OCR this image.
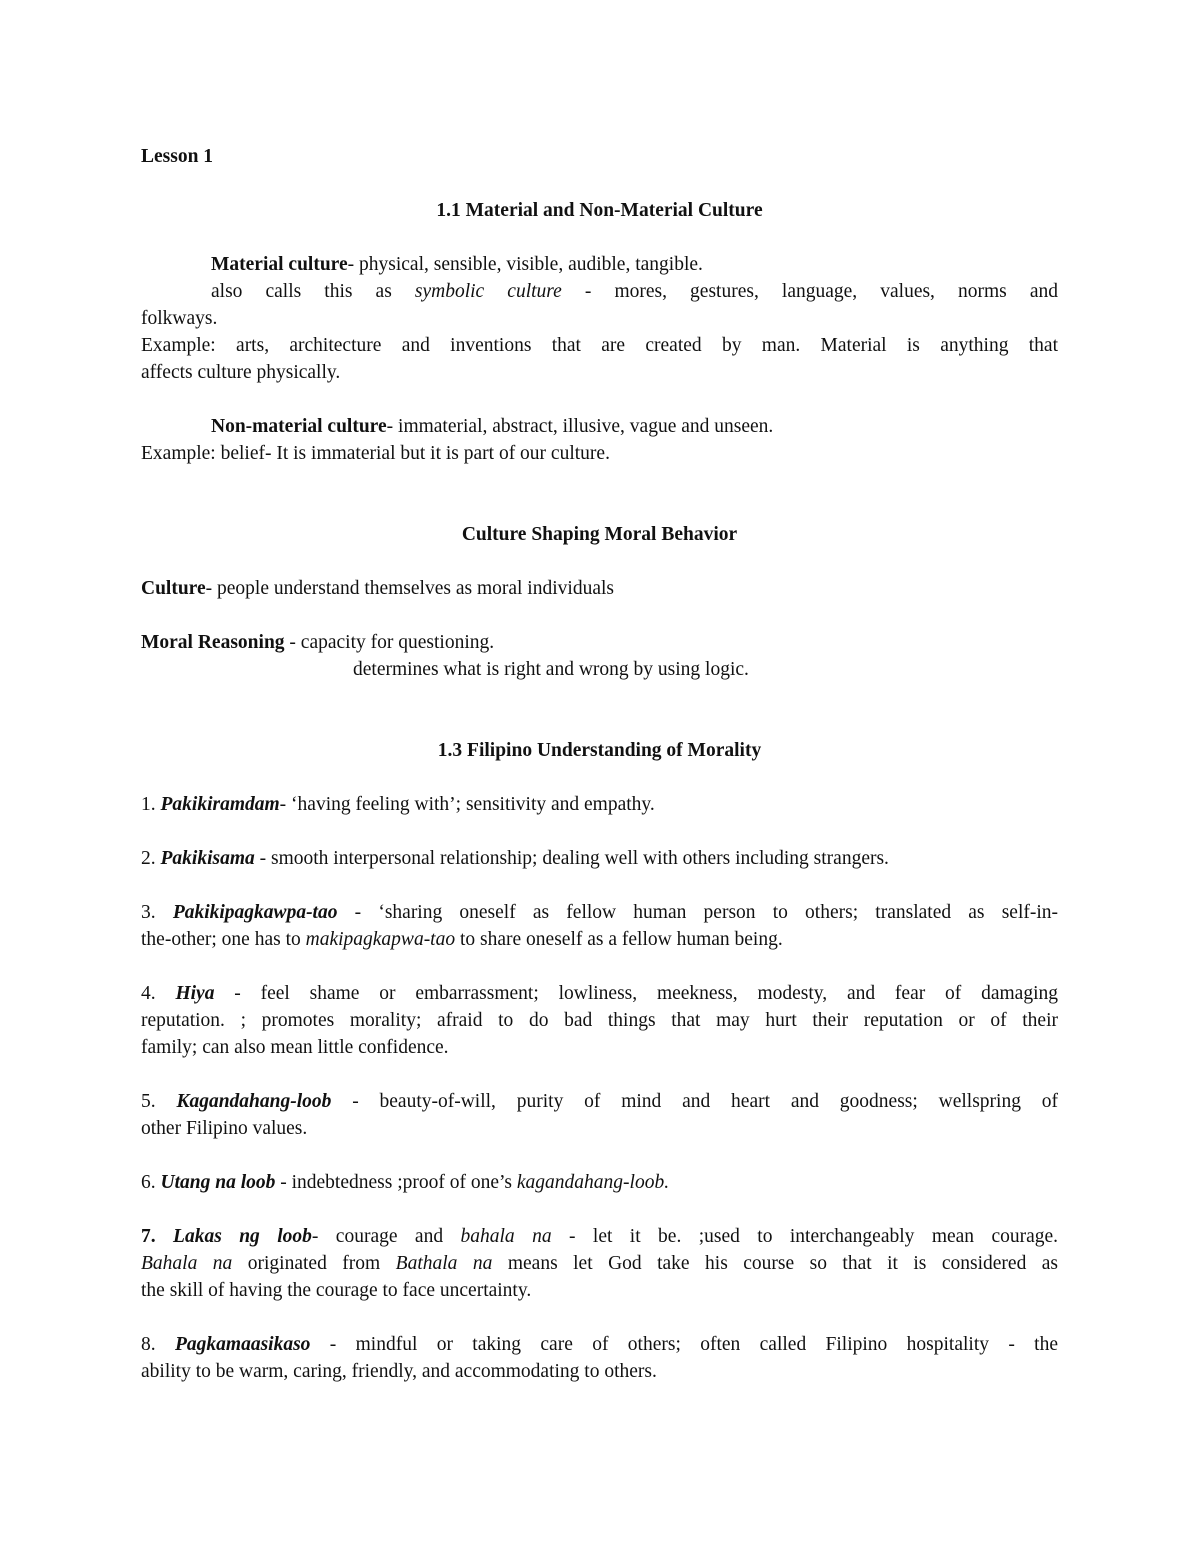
Lesson 1
1.1 Material and Non-Material Culture
Material culture- physical, sensible, visible, audible, tangible.
also calls this as symbolic culture - mores, gestures, language, values, norms and
folkways.
Example: arts, architecture and inventions that are created by man. Material is anything that
affects culture physically.
Non-material culture- immaterial, abstract, illusive, vague and unseen.
Example: belief- It is immaterial but it is part of our culture.
Culture Shaping Moral Behavior
Culture- people understand themselves as moral individuals
Moral Reasoning - capacity for questioning.
determines what is right and wrong by using logic.
1.3 Filipino Understanding of Morality
1. Pakikiramdam- ‘having feeling with’; sensitivity and empathy.
2. Pakikisama - smooth interpersonal relationship; dealing well with others including strangers.
3. Pakikipagkawpa-tao - ‘sharing oneself as fellow human person to others; translated as self-in-
the-other; one has to makipagkapwa-tao to share oneself as a fellow human being.
4. Hiya - feel shame or embarrassment; lowliness, meekness, modesty, and fear of damaging
reputation. ; promotes morality; afraid to do bad things that may hurt their reputation or of their
family; can also mean little confidence.
5. Kagandahang-loob - beauty-of-will, purity of mind and heart and goodness; wellspring of
other Filipino values.
6. Utang na loob - indebtedness ;proof of one’s kagandahang-loob.
7. Lakas ng loob- courage and bahala na - let it be. ;used to interchangeably mean courage.
Bahala na originated from Bathala na means let God take his course so that it is considered as
the skill of having the courage to face uncertainty.
8. Pagkamaasikaso - mindful or taking care of others; often called Filipino hospitality - the
ability to be warm, caring, friendly, and accommodating to others.
